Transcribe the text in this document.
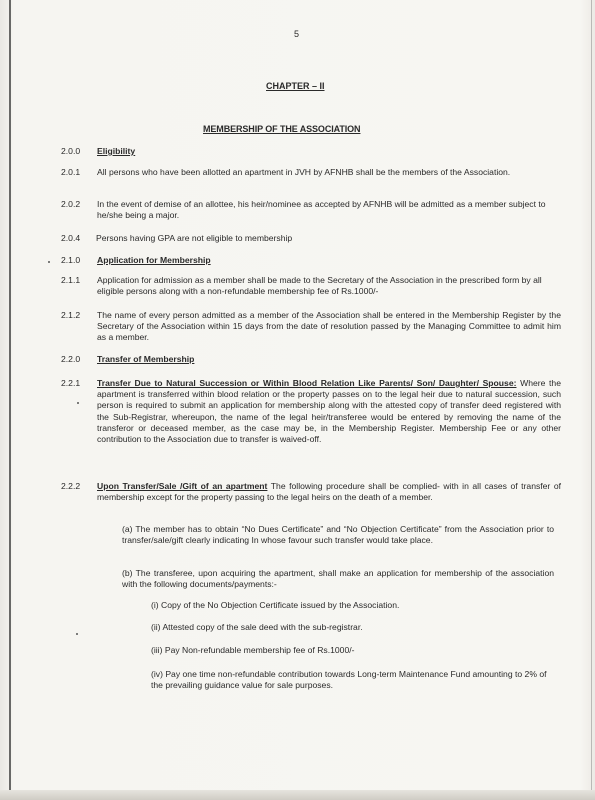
5
CHAPTER – II
MEMBERSHIP OF THE ASSOCIATION
2.0.0 Eligibility
2.0.1 All persons who have been allotted an apartment in JVH by AFNHB shall be the members of the Association.
2.0.2 In the event of demise of an allottee, his heir/nominee as accepted by AFNHB will be admitted as a member subject to he/she being a major.
2.0.4 Persons having GPA are not eligible to membership
2.1.0 Application for Membership
2.1.1 Application for admission as a member shall be made to the Secretary of the Association in the prescribed form by all eligible persons along with a non-refundable membership fee of Rs.1000/-
2.1.2 The name of every person admitted as a member of the Association shall be entered in the Membership Register by the Secretary of the Association within 15 days from the date of resolution passed by the Managing Committee to admit him as a member.
2.2.0 Transfer of Membership
2.2.1 Transfer Due to Natural Succession or Within Blood Relation Like Parents/ Son/ Daughter/ Spouse: Where the apartment is transferred within blood relation or the property passes on to the legal heir due to natural succession, such person is required to submit an application for membership along with the attested copy of transfer deed registered with the Sub-Registrar, whereupon, the name of the legal heir/transferee would be entered by removing the name of the transferor or deceased member, as the case may be, in the Membership Register. Membership Fee or any other contribution to the Association due to transfer is waived-off.
2.2.2 Upon Transfer/Sale /Gift of an apartment The following procedure shall be complied- with in all cases of transfer of membership except for the property passing to the legal heirs on the death of a member.
(a) The member has to obtain “No Dues Certificate” and “No Objection Certificate” from the Association prior to transfer/sale/gift clearly indicating In whose favour such transfer would take place.
(b) The transferee, upon acquiring the apartment, shall make an application for membership of the association with the following documents/payments:-
(i) Copy of the No Objection Certificate issued by the Association.
(ii) Attested copy of the sale deed with the sub-registrar.
(iii) Pay Non-refundable membership fee of Rs.1000/-
(iv) Pay one time non-refundable contribution towards Long-term Maintenance Fund amounting to 2% of the prevailing guidance value for sale purposes.
